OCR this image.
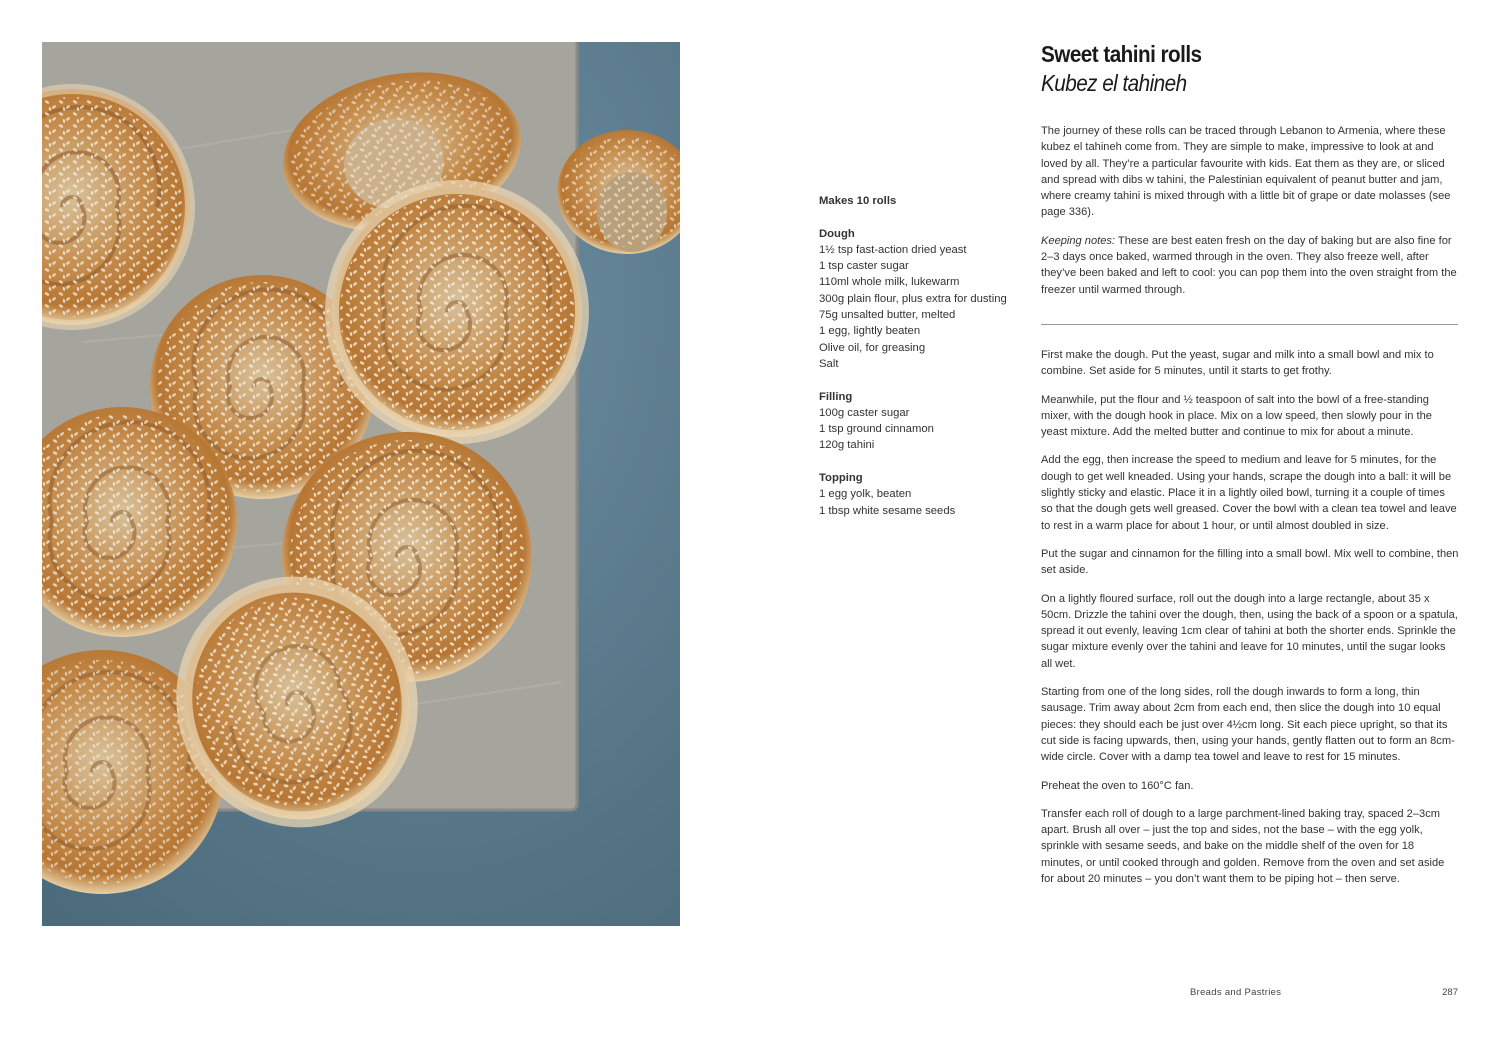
Makes 10 rolls
Dough
1½ tsp fast-action dried yeast
1 tsp caster sugar
110ml whole milk, lukewarm
300g plain flour, plus extra for dusting
75g unsalted butter, melted
1 egg, lightly beaten
Olive oil, for greasing
Salt
Filling
100g caster sugar
1 tsp ground cinnamon
120g tahini
Topping
1 egg yolk, beaten
1 tbsp white sesame seeds
Sweet tahini rolls
Kubez el tahineh

The journey of these rolls can be traced through Lebanon to Armenia, where these kubez el tahineh come from. They are simple to make, impressive to look at and loved by all. They’re a particular favourite with kids. Eat them as they are, or sliced and spread with dibs w tahini, the Palestinian equivalent of peanut butter and jam, where creamy tahini is mixed through with a little bit of grape or date molasses (see page 336).

Keeping notes: These are best eaten fresh on the day of baking but are also fine for 2–3 days once baked, warmed through in the oven. They also freeze well, after they’ve been baked and left to cool: you can pop them into the oven straight from the freezer until warmed through.

First make the dough. Put the yeast, sugar and milk into a small bowl and mix to combine. Set aside for 5 minutes, until it starts to get frothy.

Meanwhile, put the flour and ½ teaspoon of salt into the bowl of a free-standing mixer, with the dough hook in place. Mix on a low speed, then slowly pour in the yeast mixture. Add the melted butter and continue to mix for about a minute.

Add the egg, then increase the speed to medium and leave for 5 minutes, for the dough to get well kneaded. Using your hands, scrape the dough into a ball: it will be slightly sticky and elastic. Place it in a lightly oiled bowl, turning it a couple of times so that the dough gets well greased. Cover the bowl with a clean tea towel and leave to rest in a warm place for about 1 hour, or until almost doubled in size.

Put the sugar and cinnamon for the filling into a small bowl. Mix well to combine, then set aside.

On a lightly floured surface, roll out the dough into a large rectangle, about 35 x 50cm. Drizzle the tahini over the dough, then, using the back of a spoon or a spatula, spread it out evenly, leaving 1cm clear of tahini at both the shorter ends. Sprinkle the sugar mixture evenly over the tahini and leave for 10 minutes, until the sugar looks all wet.

Starting from one of the long sides, roll the dough inwards to form a long, thin sausage. Trim away about 2cm from each end, then slice the dough into 10 equal pieces: they should each be just over 4½cm long. Sit each piece upright, so that its cut side is facing upwards, then, using your hands, gently flatten out to form an 8cm-wide circle. Cover with a damp tea towel and leave to rest for 15 minutes.

Preheat the oven to 160°C fan.

Transfer each roll of dough to a large parchment-lined baking tray, spaced 2–3cm apart. Brush all over – just the top and sides, not the base – with the egg yolk, sprinkle with sesame seeds, and bake on the middle shelf of the oven for 18 minutes, or until cooked through and golden. Remove from the oven and set aside for about 20 minutes – you don’t want them to be piping hot – then serve.

Breads and Pastries	287
